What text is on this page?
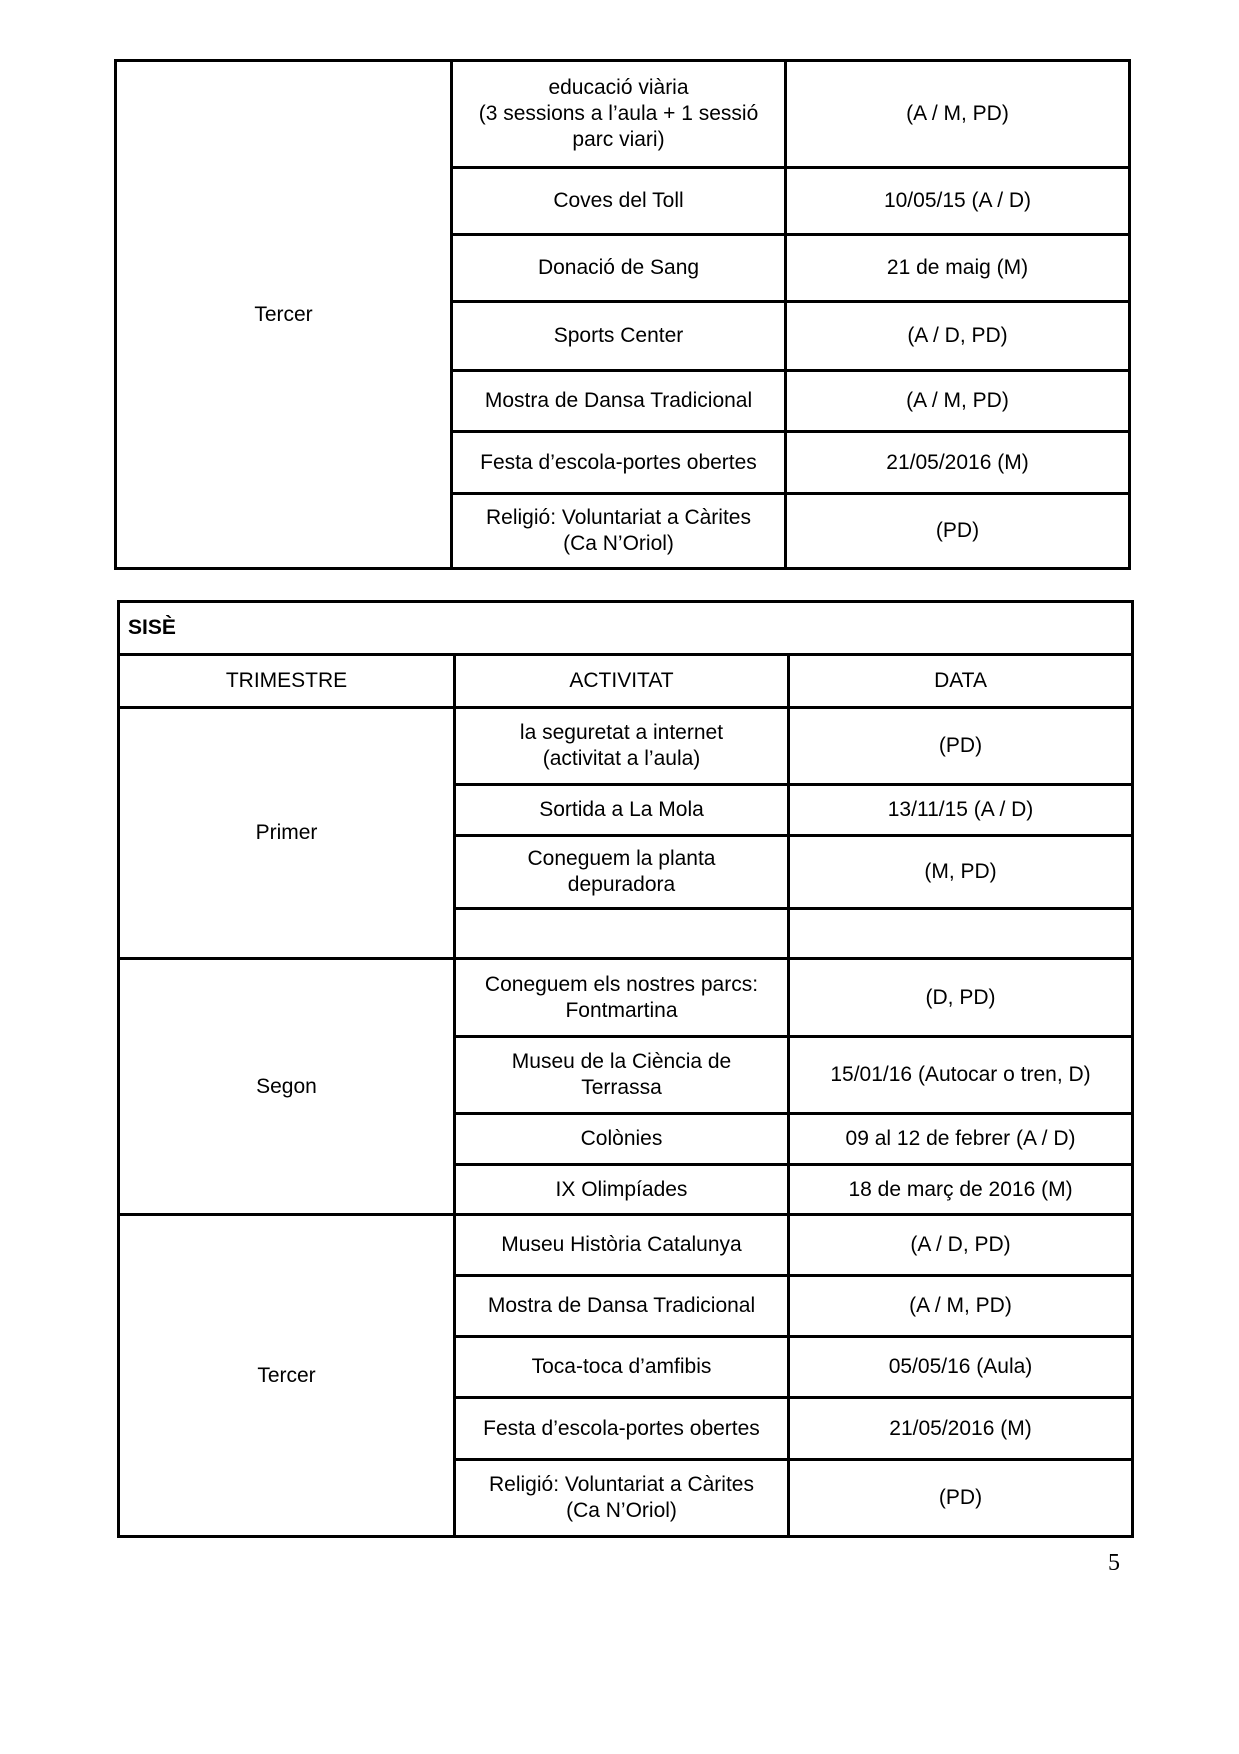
Tercer	educació viària
(3 sessions a l’aula + 1 sessió
parc viari)	(A / M, PD)
	Coves del Toll	10/05/15 (A / D)
	Donació de Sang	21 de maig (M)
	Sports Center	(A / D, PD)
	Mostra de Dansa Tradicional	(A / M, PD)
	Festa d’escola-portes obertes	21/05/2016 (M)

	Religió: Voluntariat a Càrites
(Ca N’Oriol)	(PD)
SISÈ		
TRIMESTRE	ACTIVITAT	DATA
Primer	la seguretat a internet
(activitat a l’aula)	(PD)
	Sortida a La Mola	13/11/15 (A / D)

	Coneguem la planta
depuradora	(M, PD)

Segon	Coneguem els nostres parcs:
Fontmartina	(D, PD)

	Museu de la Ciència de
Terrassa	15/01/16 (Autocar o tren, D)
	Colònies	09 al 12 de febrer (A / D)
	IX Olimpíades	18 de març de 2016 (M)
Tercer	Museu Història Catalunya	(A / D, PD)
	Mostra de Dansa Tradicional	(A / M, PD)
	Toca-toca d’amfibis	05/05/16 (Aula)
	Festa d’escola-portes obertes	21/05/2016 (M)

	Religió: Voluntariat a Càrites
(Ca N’Oriol)	(PD)
5
